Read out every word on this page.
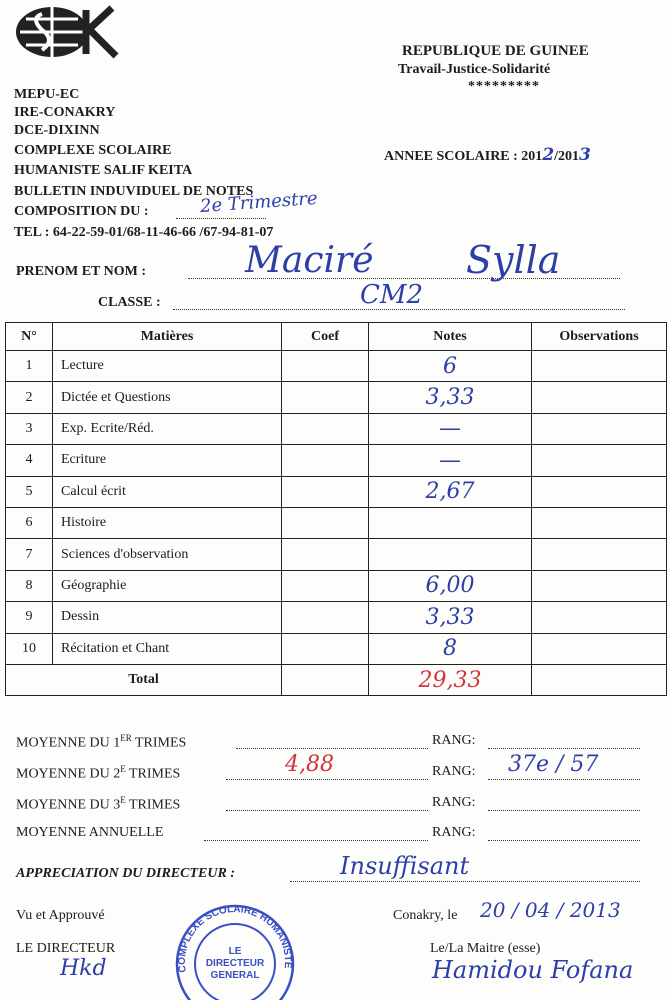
REPUBLIQUE DE GUINEE
Travail-Justice-Solidarité
*********
MEPU-EC
IRE-CONAKRY
DCE-DIXINN
COMPLEXE SCOLAIRE
HUMANISTE SALIF KEITA
BULLETIN INDUVIDUEL DE NOTES
COMPOSITION DU :	2e Trimestre
TEL : 64-22-59-01/68-11-46-66 /67-94-81-07
ANNEE SCOLAIRE : 2012/2013
PRENOM ET NOM :	Maciré Sylla
CLASSE :	CM2
N°	Matières	Coef	Notes	Observations
1	Lecture		6	
2	Dictée et Questions		3,33	
3	Exp. Ecrite/Réd.		—	
4	Ecriture		—	
5	Calcul écrit		2,67	
6	Histoire			
7	Sciences d'observation			
8	Géographie		6,00	
9	Dessin		3,33	
10	Récitation et Chant		8	
Total			29,33	
MOYENNE DU 1ER TRIMES	RANG:
MOYENNE DU $2^E$ TRIMES	4,88	RANG: 37e / 57
MOYENNE DU $3^E$ TRIMES	RANG:
MOYENNE ANNUELLE	RANG:
APPRECIATION DU DIRECTEUR :	Insuffisant
Vu et Approuvé
LE DIRECTEUR
Hkd
Conakry, le 20 / 04 / 2013
Le/La Maitre (esse)
Hamidou Fofana
COMPLEXE SCOLAIRE HUMANISTE
LE DIRECTEUR GENERAL
